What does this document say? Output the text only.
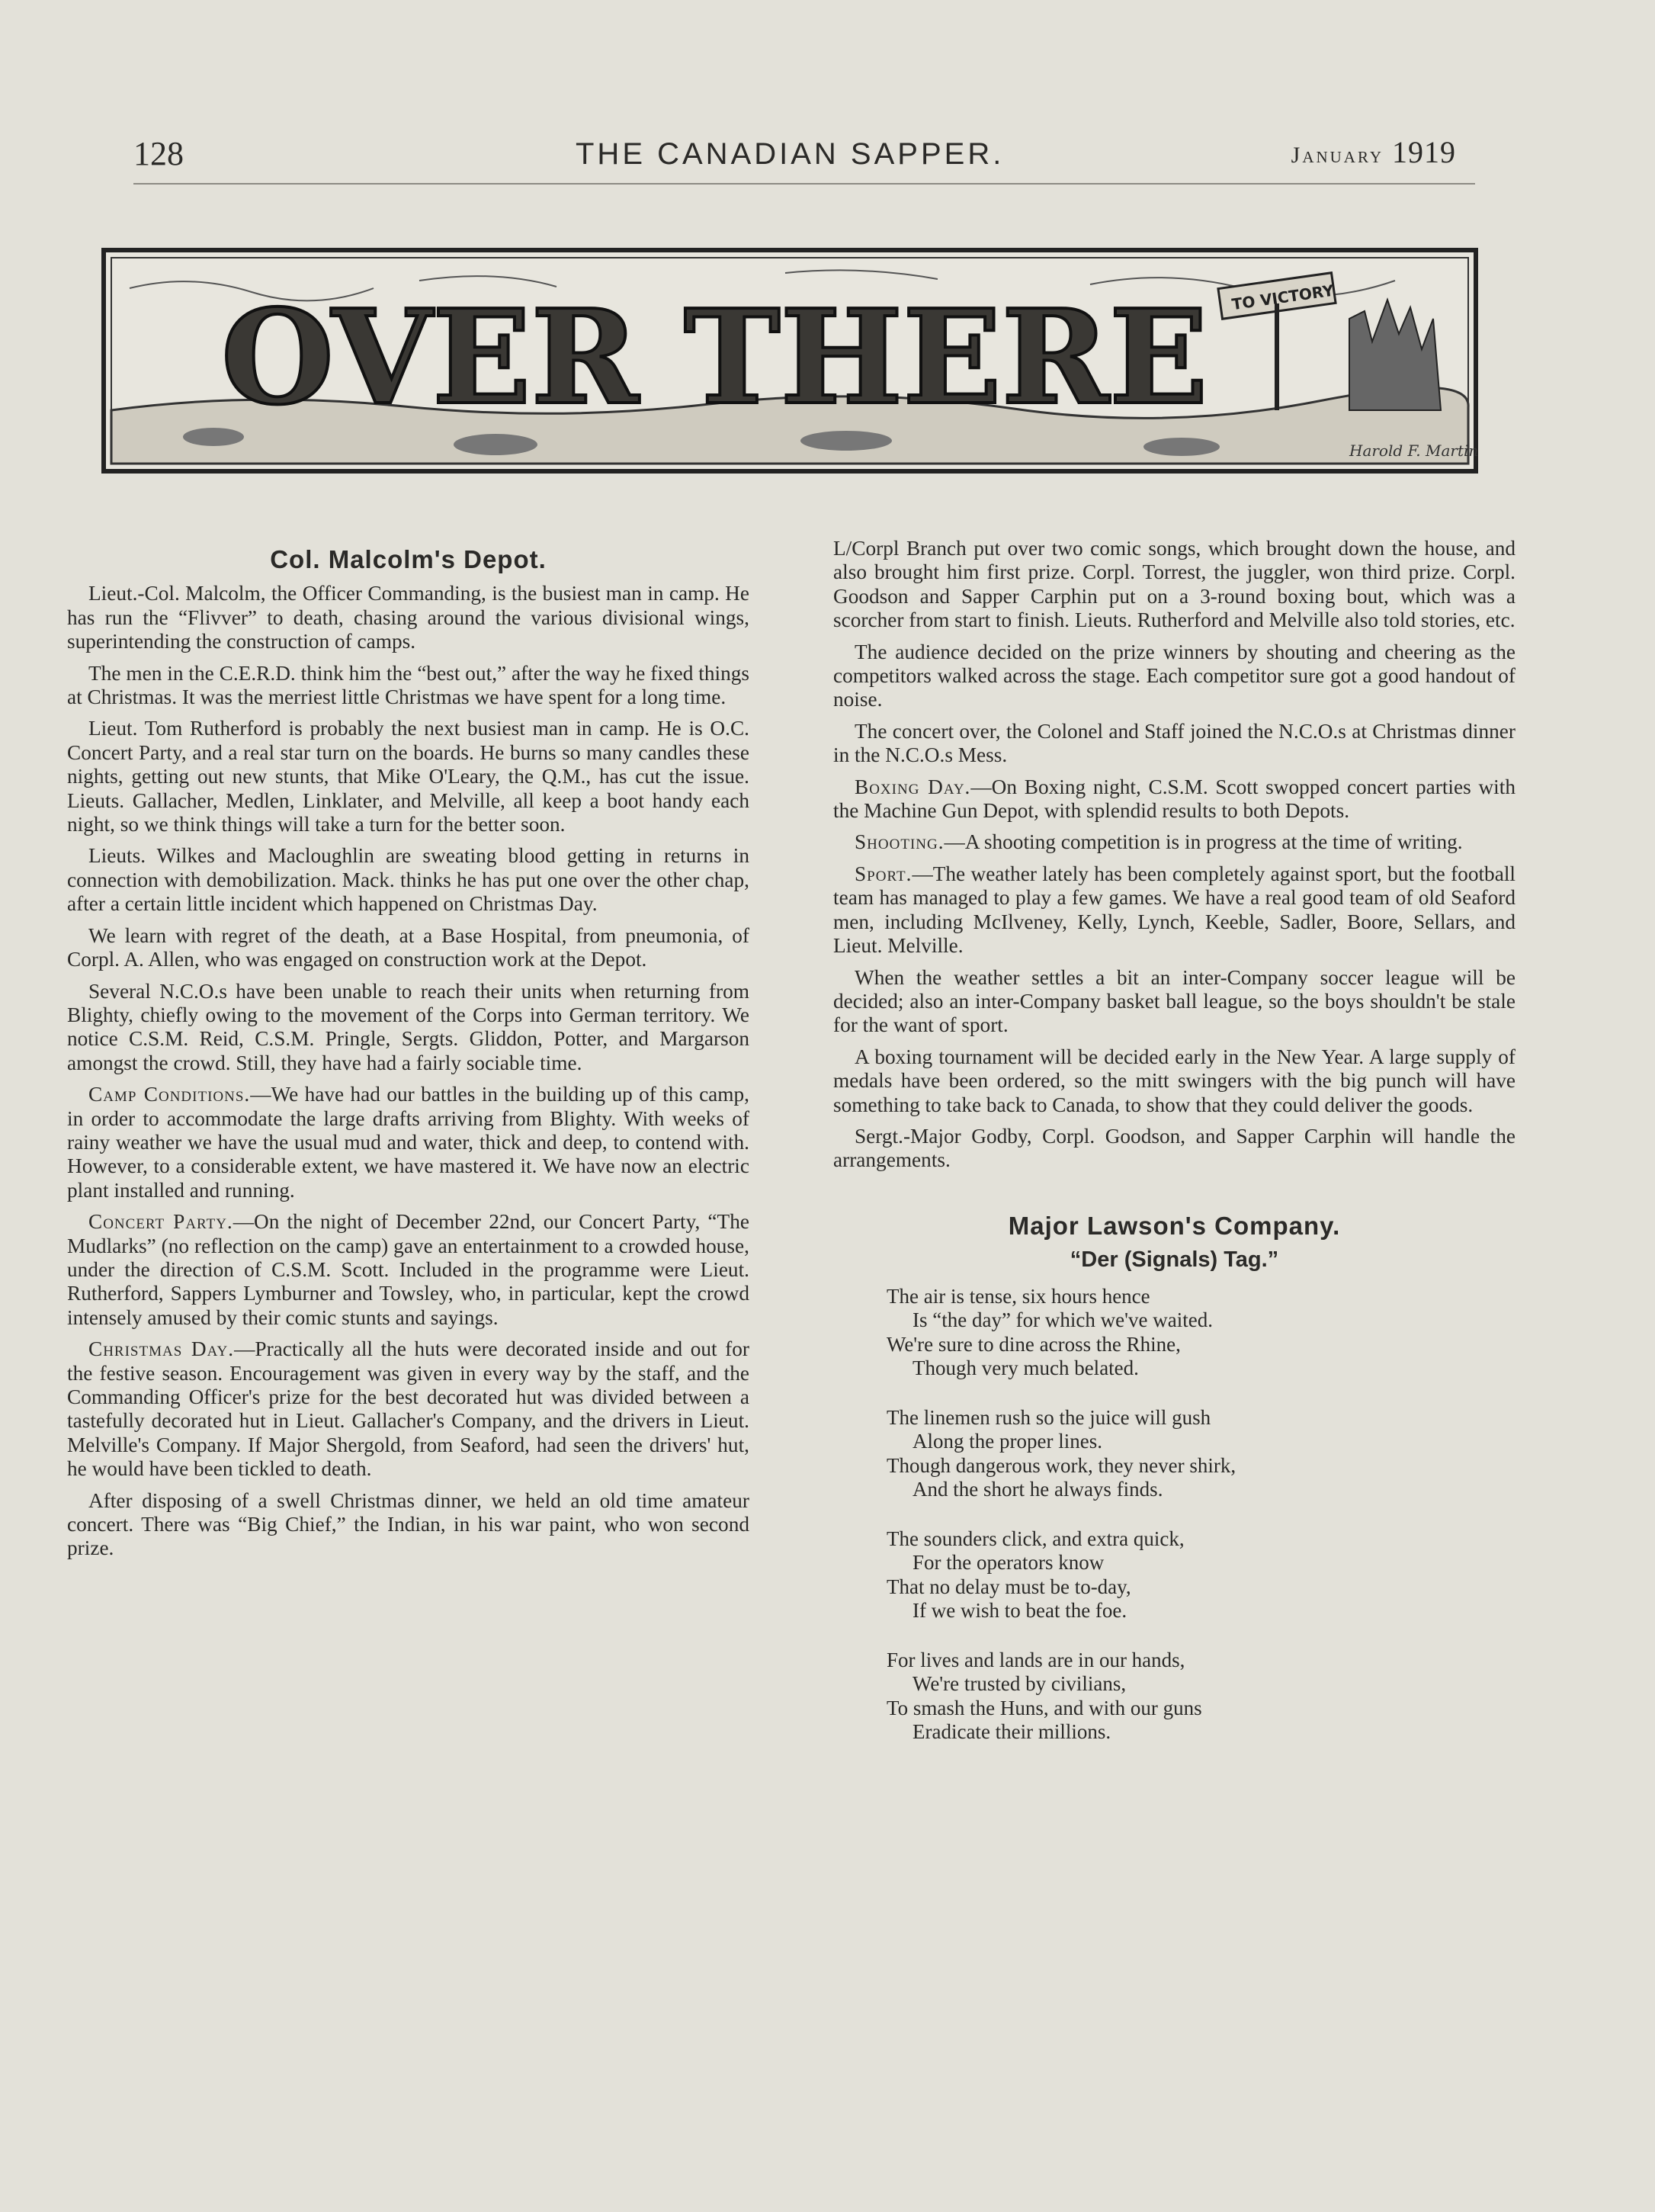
128	THE CANADIAN SAPPER.	January 1919
OVER THERE TO VICTORY
Harold F. Martin
Col. Malcolm's Depot.

Lieut.-Col. Malcolm, the Officer Commanding, is the busiest man in camp. He has run the “Flivver” to death, chasing around the various divisional wings, superintending the construction of camps.

The men in the C.E.R.D. think him the “best out,” after the way he fixed things at Christmas. It was the merriest little Christmas we have spent for a long time.

Lieut. Tom Rutherford is probably the next busiest man in camp. He is O.C. Concert Party, and a real star turn on the boards. He burns so many candles these nights, getting out new stunts, that Mike O'Leary, the Q.M., has cut the issue. Lieuts. Gallacher, Medlen, Linklater, and Melville, all keep a boot handy each night, so we think things will take a turn for the better soon.

Lieuts. Wilkes and Macloughlin are sweating blood getting in returns in connection with demobilization. Mack. thinks he has put one over the other chap, after a certain little incident which happened on Christmas Day.

We learn with regret of the death, at a Base Hospital, from pneumonia, of Corpl. A. Allen, who was engaged on construction work at the Depot.

Several N.C.O.s have been unable to reach their units when returning from Blighty, chiefly owing to the movement of the Corps into German territory. We notice C.S.M. Reid, C.S.M. Pringle, Sergts. Gliddon, Potter, and Margarson amongst the crowd. Still, they have had a fairly sociable time.

Camp Conditions.—We have had our battles in the building up of this camp, in order to accommodate the large drafts arriving from Blighty. With weeks of rainy weather we have the usual mud and water, thick and deep, to contend with. However, to a considerable extent, we have mastered it. We have now an electric plant installed and running.

Concert Party.—On the night of December 22nd, our Concert Party, “The Mudlarks” (no reflection on the camp) gave an entertainment to a crowded house, under the direction of C.S.M. Scott. Included in the programme were Lieut. Rutherford, Sappers Lymburner and Towsley, who, in particular, kept the crowd intensely amused by their comic stunts and sayings.

Christmas Day.—Practically all the huts were decorated inside and out for the festive season. Encouragement was given in every way by the staff, and the Commanding Officer's prize for the best decorated hut was divided between a tastefully decorated hut in Lieut. Gallacher's Company, and the drivers in Lieut. Melville's Company. If Major Shergold, from Seaford, had seen the drivers' hut, he would have been tickled to death.

After disposing of a swell Christmas dinner, we held an old time amateur concert. There was “Big Chief,” the Indian, in his war paint, who won second prize.

L/Corpl Branch put over two comic songs, which brought down the house, and also brought him first prize. Corpl. Torrest, the juggler, won third prize. Corpl. Goodson and Sapper Carphin put on a 3-round boxing bout, which was a scorcher from start to finish. Lieuts. Rutherford and Melville also told stories, etc.

The audience decided on the prize winners by shouting and cheering as the competitors walked across the stage. Each competitor sure got a good handout of noise.

The concert over, the Colonel and Staff joined the N.C.O.s at Christmas dinner in the N.C.O.s Mess.

Boxing Day.—On Boxing night, C.S.M. Scott swopped concert parties with the Machine Gun Depot, with splendid results to both Depots.

Shooting.—A shooting competition is in progress at the time of writing.

Sport.—The weather lately has been completely against sport, but the football team has managed to play a few games. We have a real good team of old Seaford men, including McIlveney, Kelly, Lynch, Keeble, Sadler, Boore, Sellars, and Lieut. Melville.

When the weather settles a bit an inter-Company soccer league will be decided; also an inter-Company basket ball league, so the boys shouldn't be stale for the want of sport.

A boxing tournament will be decided early in the New Year. A large supply of medals have been ordered, so the mitt swingers with the big punch will have something to take back to Canada, to show that they could deliver the goods.

Sergt.-Major Godby, Corpl. Goodson, and Sapper Carphin will handle the arrangements.

Major Lawson's Company.
“Der (Signals) Tag.”
The air is tense, six hours hence
Is “the day” for which we've waited.
We're sure to dine across the Rhine,
Though very much belated.
The linemen rush so the juice will gush
Along the proper lines.
Though dangerous work, they never shirk,
And the short he always finds.
The sounders click, and extra quick,
For the operators know
That no delay must be to-day,
If we wish to beat the foe.
For lives and lands are in our hands,
We're trusted by civilians,
To smash the Huns, and with our guns
Eradicate their millions.
